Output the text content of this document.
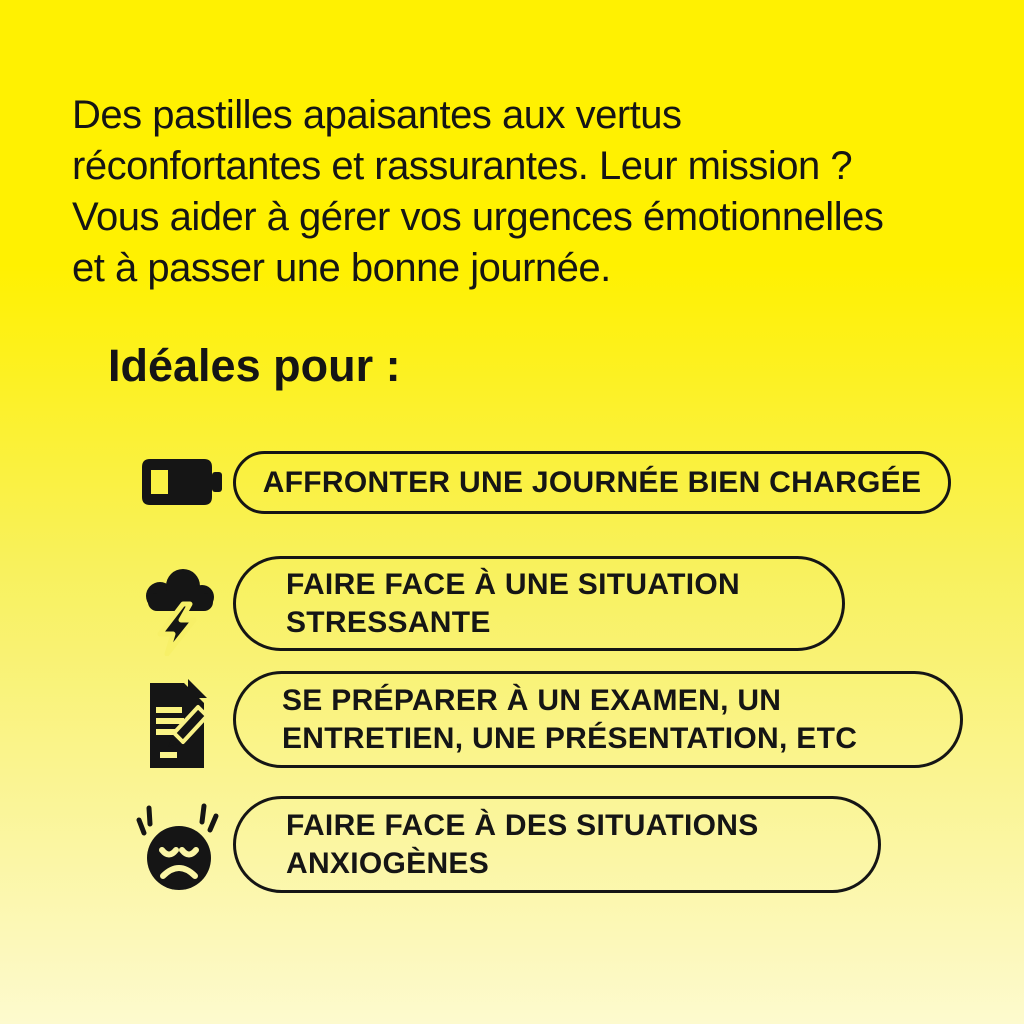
Des pastilles apaisantes aux vertus
réconfortantes et rassurantes. Leur mission ?
Vous aider à gérer vos urgences émotionnelles
et à passer une bonne journée.
Idéales pour :
AFFRONTER UNE JOURNÉE BIEN CHARGÉE
FAIRE FACE À UNE SITUATION
STRESSANTE
SE PRÉPARER À UN EXAMEN, UN
ENTRETIEN, UNE PRÉSENTATION, ETC
FAIRE FACE À DES SITUATIONS
ANXIOGÈNES
